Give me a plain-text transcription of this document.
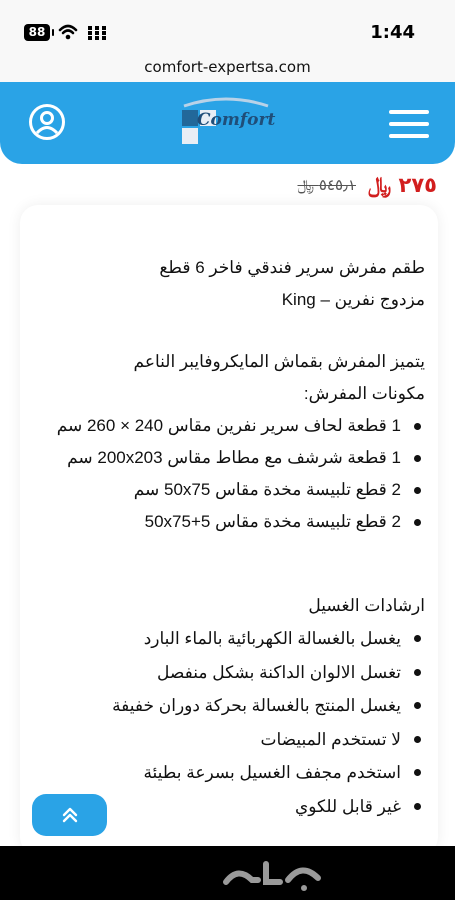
88	1:44
comfort-expertsa.com
Comfort
٢٧٥ ﷼
٥٤٥٫١ ﷼
طقم مفرش سرير فندقي فاخر 6 قطع
مزدوج نفرين – King
يتميز المفرش بقماش المايكروفايبر الناعم
مكونات المفرش:
1 قطعة لحاف سرير نفرين مقاس 240 × 260 سم
1 قطعة شرشف مع مطاط مقاس 200x203 سم
2 قطع تلبيسة مخدة مقاس 50x75 سم
2 قطع تلبيسة مخدة مقاس 50x75+5
ارشادات الغسيل
يغسل بالغسالة الكهربائية بالماء البارد
تغسل الالوان الداكنة بشكل منفصل
يغسل المنتج بالغسالة بحركة دوران خفيفة
لا تستخدم المبيضات
استخدم مجفف الغسيل بسرعة بطيئة
غير قابل للكوي
